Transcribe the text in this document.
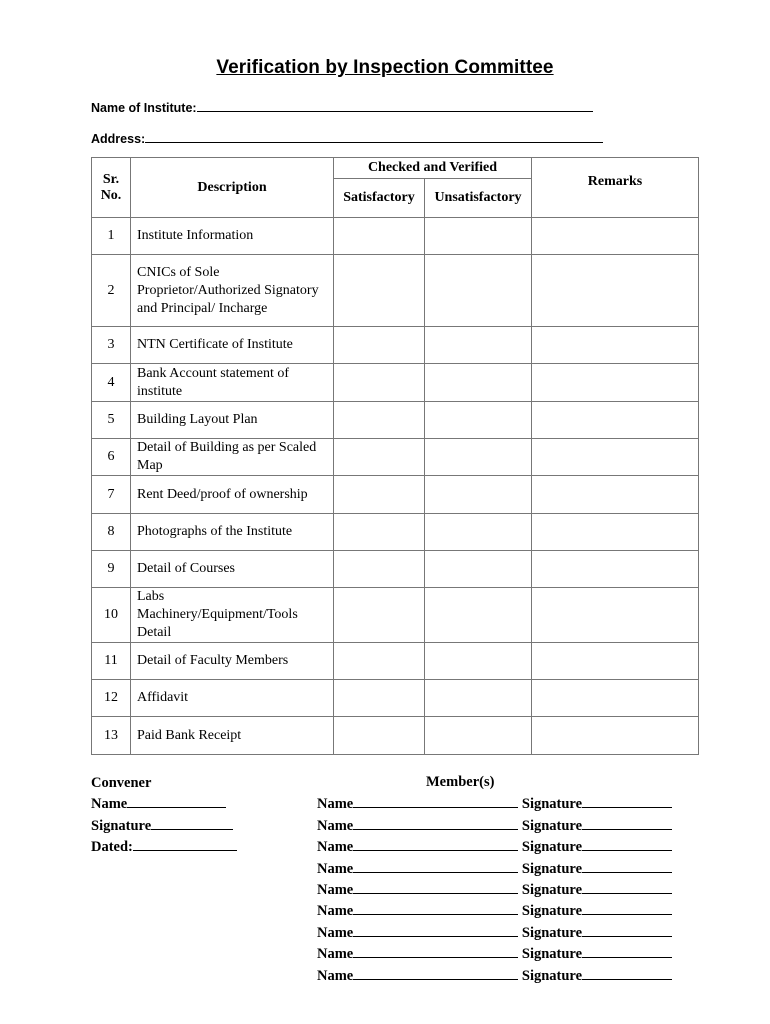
Verification by Inspection Committee
Name of Institute:
Address:
Sr. No.	Description	Checked and Verified		Remarks
		Satisfactory	Unsatisfactory	
1	Institute Information			
2	CNICs of Sole Proprietor/Authorized Signatory and Principal/ Incharge			
3	NTN Certificate of Institute			
4	Bank Account statement of institute			
5	Building Layout Plan			
6	Detail of Building as per Scaled Map			
7	Rent Deed/proof of ownership			
8	Photographs of the Institute			
9	Detail of Courses			
10	Labs Machinery/Equipment/Tools Detail			
11	Detail of Faculty Members			
12	Affidavit			
13	Paid Bank Receipt			
Convener
Name
Signature
Dated:
Member(s)
Name	Signature
Name	Signature
Name	Signature
Name	Signature
Name	Signature
Name	Signature
Name	Signature
Name	Signature
Name	Signature
